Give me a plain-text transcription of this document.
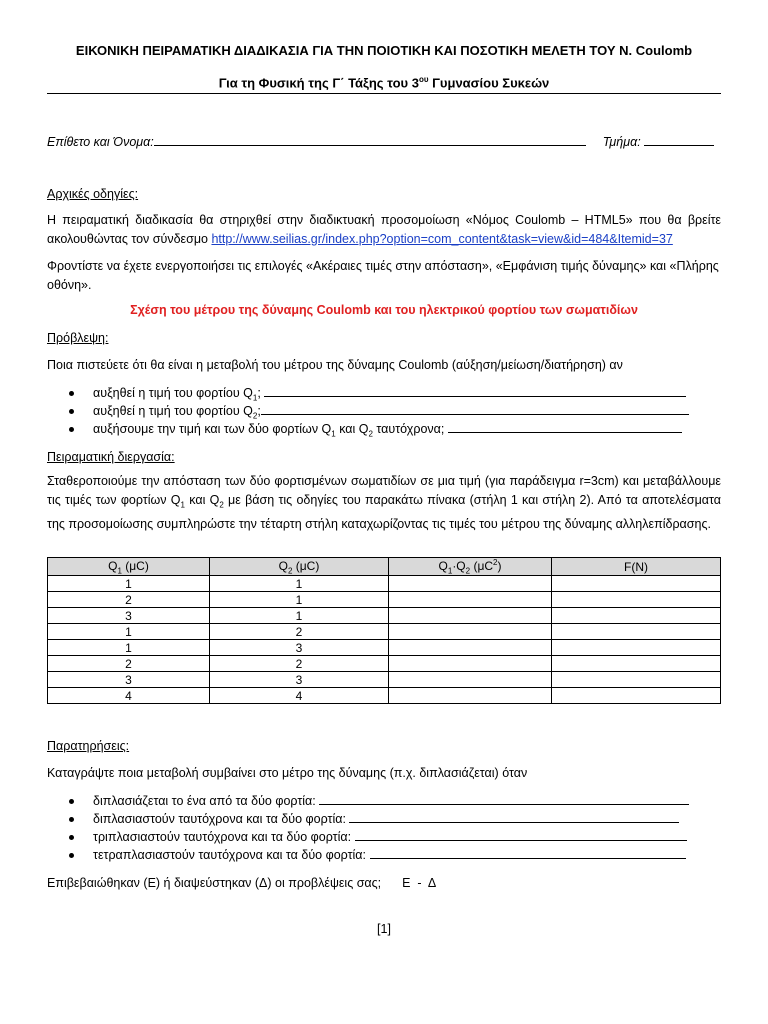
ΕΙΚΟΝΙΚΗ ΠΕΙΡΑΜΑΤΙΚΗ ΔΙΑΔΙΚΑΣΙΑ ΓΙΑ ΤΗΝ ΠΟΙΟΤΙΚΗ ΚΑΙ ΠΟΣΟΤΙΚΗ ΜΕΛΕΤΗ ΤΟΥ Ν. Coulomb
Για τη Φυσική της Γ΄ Τάξης του $3^{o\upsilon}$ Γυμνασίου Συκεών
Επίθετο και Όνομα:	Τμήμα:
Αρχικές οδηγίες:
Η πειραματική διαδικασία θα στηριχθεί στην διαδικτυακή προσομοίωση «Νόμος Coulomb – HTML5» που θα βρείτε ακολουθώντας τον σύνδεσμο http://www.seilias.gr/index.php?option=com_content&task=view&id=484&Itemid=37
Φροντίστε να έχετε ενεργοποιήσει τις επιλογές «Ακέραιες τιμές στην απόσταση», «Εμφάνιση τιμής δύναμης» και «Πλήρης οθόνη».
Σχέση του μέτρου της δύναμης Coulomb και του ηλεκτρικού φορτίου των σωματιδίων
Πρόβλεψη:
Ποια πιστεύετε ότι θα είναι η μεταβολή του μέτρου της δύναμης Coulomb (αύξηση/μείωση/διατήρηση) αν
αυξηθεί η τιμή του φορτίου $Q_1$;
αυξηθεί η τιμή του φορτίου $Q_2$;
αυξήσουμε την τιμή και των δύο φορτίων $Q_1$ και $Q_2$ ταυτόχρονα;
Πειραματική διεργασία:
Σταθεροποιούμε την απόσταση των δύο φορτισμένων σωματιδίων σε μια τιμή (για παράδειγμα r=3cm) και μεταβάλλουμε τις τιμές των φορτίων $Q_1$ και $Q_2$ με βάση τις οδηγίες του παρακάτω πίνακα (στήλη 1 και στήλη 2). Από τα αποτελέσματα της προσομοίωσης συμπληρώστε την τέταρτη στήλη καταχωρίζοντας τις τιμές του μέτρου της δύναμης αλληλεπίδρασης.
$Q_1$ (μC)	$Q_2$ (μC)	$Q_1\cdot Q_2$ $(\mu C^2)$	F(N)
1	1		
2	1		
3	1		
1	2		
1	3		
2	2		
3	3		
4	4		
Παρατηρήσεις:
Καταγράψτε ποια μεταβολή συμβαίνει στο μέτρο της δύναμης (π.χ. διπλασιάζεται) όταν
διπλασιάζεται το ένα από τα δύο φορτία:
διπλασιαστούν ταυτόχρονα και τα δύο φορτία:
τριπλασιαστούν ταυτόχρονα και τα δύο φορτία:
τετραπλασιαστούν ταυτόχρονα και τα δύο φορτία:
Επιβεβαιώθηκαν (Ε) ή διαψεύστηκαν (Δ) οι προβλέψεις σας; Ε  -  Δ
[1]
